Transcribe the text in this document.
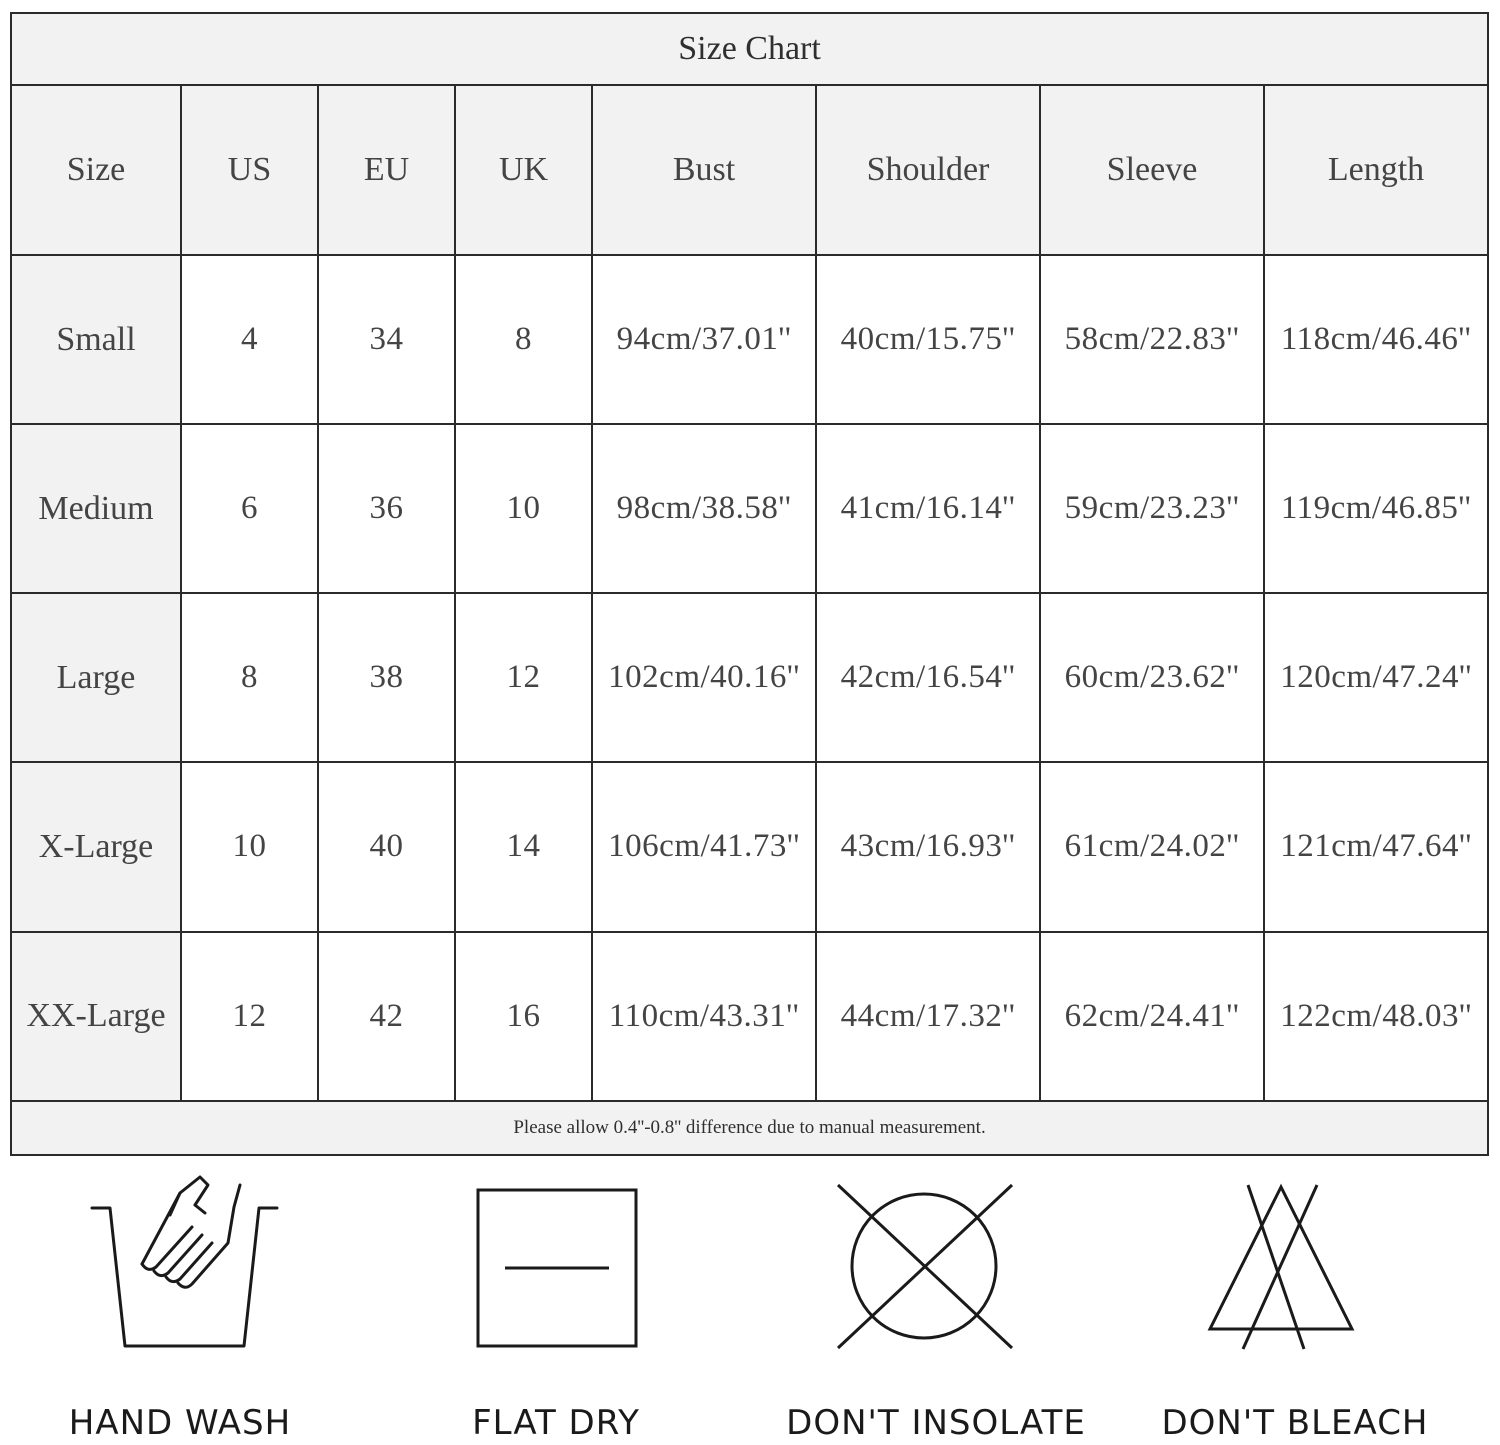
Size Chart							
Size	US	EU	UK	Bust	Shoulder	Sleeve	Length
Small	4	34	8	94cm/37.01''	40cm/15.75''	58cm/22.83''	118cm/46.46''
Medium	6	36	10	98cm/38.58''	41cm/16.14''	59cm/23.23''	119cm/46.85''
Large	8	38	12	102cm/40.16''	42cm/16.54''	60cm/23.62''	120cm/47.24''
X-Large	10	40	14	106cm/41.73''	43cm/16.93''	61cm/24.02''	121cm/47.64''
XX-Large	12	42	16	110cm/43.31''	44cm/17.32''	62cm/24.41''	122cm/48.03''
Please allow 0.4''-0.8'' difference due to manual measurement.							
HAND WASH	FLAT DRY	DON'T INSOLATE	DON'T BLEACH
